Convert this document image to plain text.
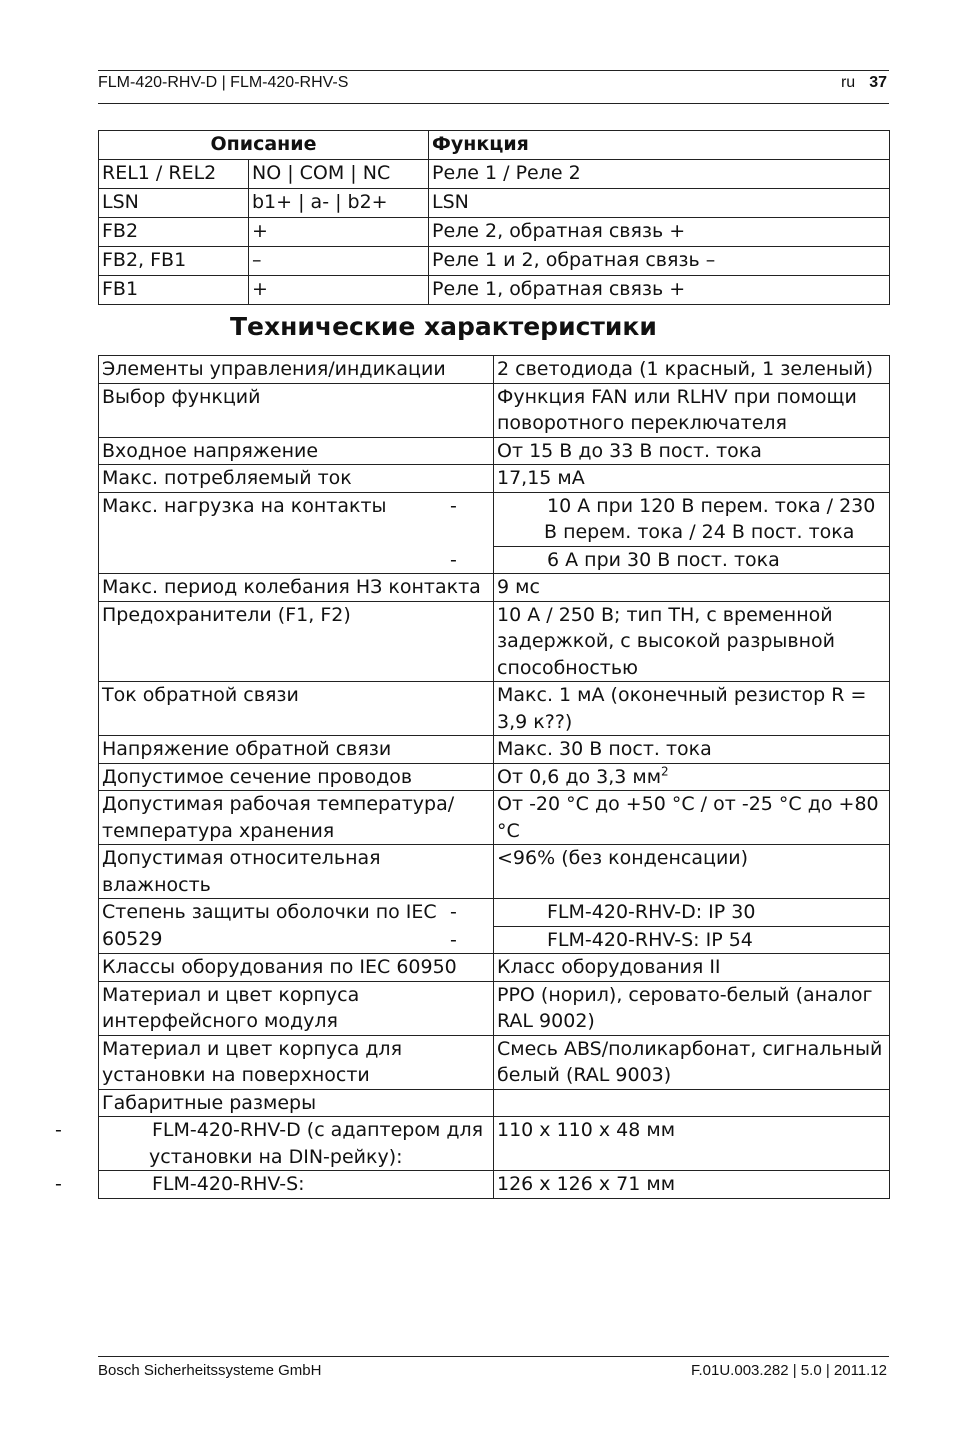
FLM-420-RHV-D | FLM-420-RHV-S	ru 37
Описание		Функция
REL1 / REL2	NO | COM | NC	Реле 1 / Реле 2
LSN	b1+ | a- | b2+	LSN
FB2	+	Реле 2, обратная связь +
FB2, FB1	–	Реле 1 и 2, обратная связь –
FB1	+	Реле 1, обратная связь +
Технические характеристики
Элементы управления/индикации	2 светодиода (1 красный, 1 зеленый)
Выбор функций	Функция FAN или RLHV при помощи поворотного переключателя
Входное напряжение	От 15 В до 33 В пост. тока
Макс. потребляемый ток	17,15 мА
Макс. нагрузка на контакты	- 10 А при 120 В перем. тока / 230 В перем. тока / 24 В пост. тока
	- 6 А при 30 В пост. тока
Макс. период колебания НЗ контакта	9 мс
Предохранители (F1, F2)	10 А / 250 В; тип TH, с временной задержкой, с высокой разрывной способностью
Ток обратной связи	Макс. 1 мА (оконечный резистор R = 3,9 к??)
Напряжение обратной связи	Макс. 30 В пост. тока
Допустимое сечение проводов	От 0,6 до 3,3 $мм^2$
Допустимая рабочая температура/ температура хранения	От -20 °C до +50 °C / от -25 °C до +80 °C
Допустимая относительная влажность	<96% (без конденсации)
Степень защиты оболочки по IEC 60529	- FLM-420-RHV-D: IP 30
	- FLM-420-RHV-S: IP 54
Классы оборудования по IEC 60950	Класс оборудования II
Материал и цвет корпуса интерфейсного модуля	PPO (норил), серовато-белый (аналог RAL 9002)
Материал и цвет корпуса для установки на поверхности	Смесь ABS/поликарбонат, сигнальный белый (RAL 9003)
Габаритные размеры	
- FLM-420-RHV-D (с адаптером для установки на DIN-рейку):	110 x 110 x 48 мм
- FLM-420-RHV-S:	126 x 126 x 71 мм
Bosch Sicherheitssysteme GmbH	F.01U.003.282 | 5.0 | 2011.12
